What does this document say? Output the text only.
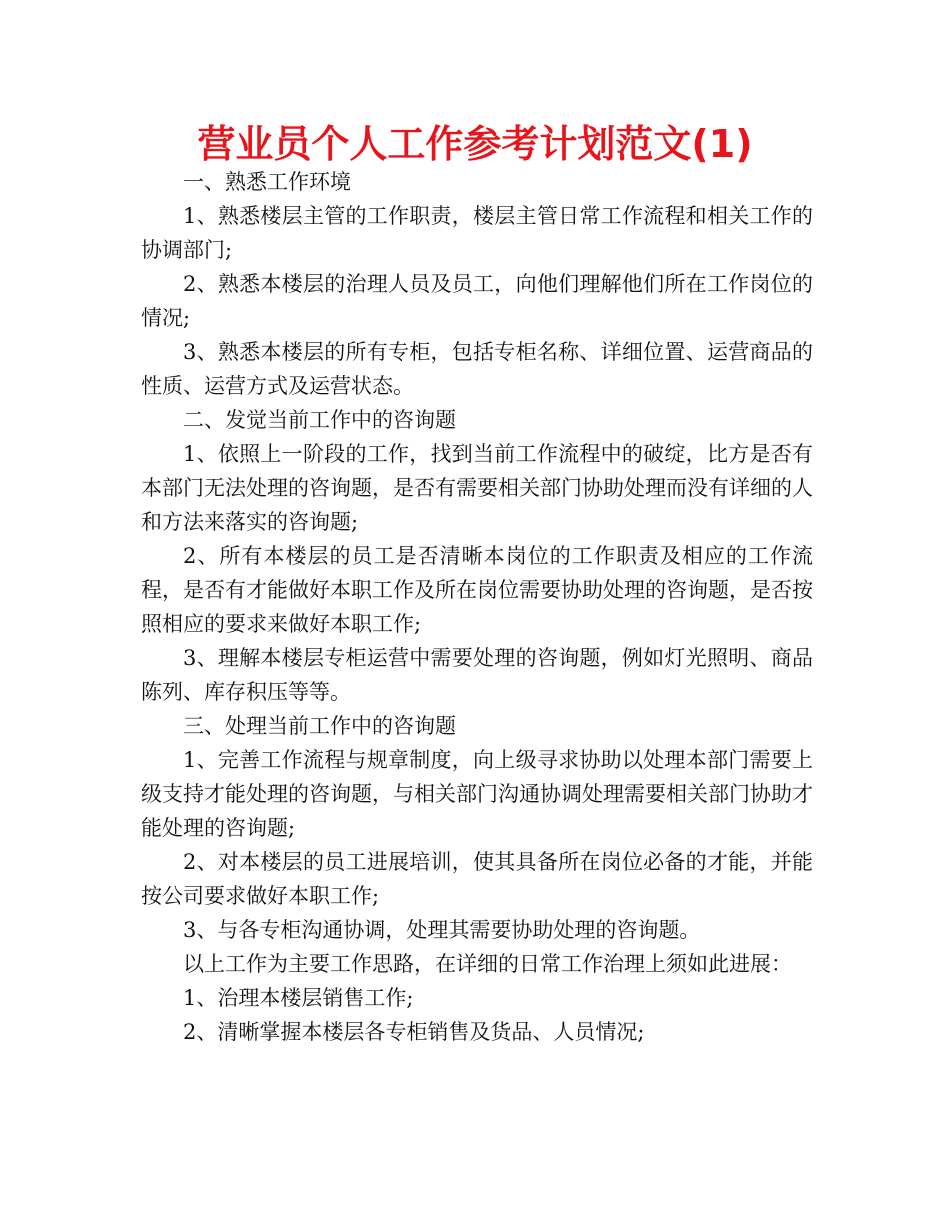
营业员个人工作参考计划范文(1)

一、熟悉工作环境

1、熟悉楼层主管的工作职责，楼层主管日常工作流程和相关工作的协调部门;

2、熟悉本楼层的治理人员及员工，向他们理解他们所在工作岗位的情况;

3、熟悉本楼层的所有专柜，包括专柜名称、详细位置、运营商品的性质、运营方式及运营状态。

二、发觉当前工作中的咨询题

1、依照上一阶段的工作，找到当前工作流程中的破绽，比方是否有本部门无法处理的咨询题，是否有需要相关部门协助处理而没有详细的人和方法来落实的咨询题;

2、所有本楼层的员工是否清晰本岗位的工作职责及相应的工作流程，是否有才能做好本职工作及所在岗位需要协助处理的咨询题，是否按照相应的要求来做好本职工作;

3、理解本楼层专柜运营中需要处理的咨询题，例如灯光照明、商品陈列、库存积压等等。

三、处理当前工作中的咨询题

1、完善工作流程与规章制度，向上级寻求协助以处理本部门需要上级支持才能处理的咨询题，与相关部门沟通协调处理需要相关部门协助才能处理的咨询题;

2、对本楼层的员工进展培训，使其具备所在岗位必备的才能，并能按公司要求做好本职工作;

3、与各专柜沟通协调，处理其需要协助处理的咨询题。

以上工作为主要工作思路，在详细的日常工作治理上须如此进展：

1、治理本楼层销售工作;

2、清晰掌握本楼层各专柜销售及货品、人员情况;
